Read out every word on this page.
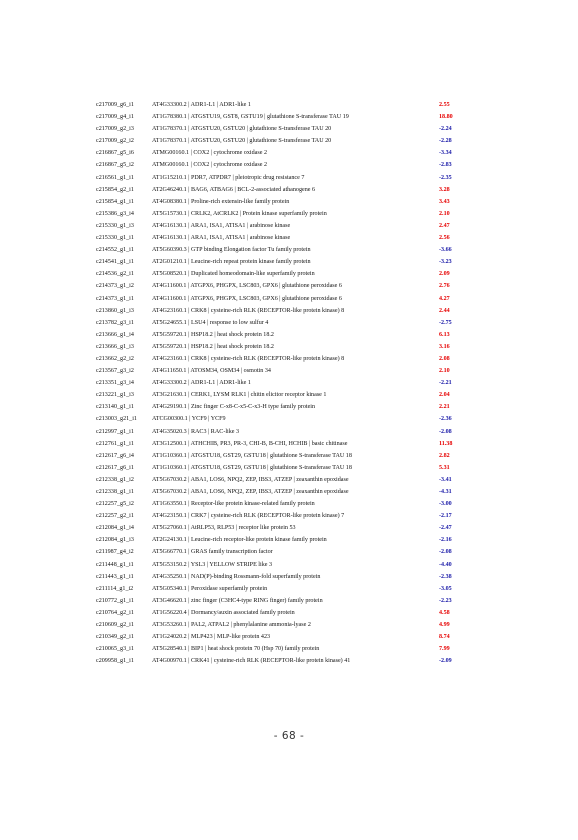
c217009_g6_i1	AT4G33300.2 | ADR1-L1 | ADR1-like 1	2.55
c217009_g4_i1	AT1G78380.1 | ATGSTU19, GST8, GSTU19 | glutathione S-transferase TAU 19	18.80
c217009_g2_i3	AT1G78370.1 | ATGSTU20, GSTU20 | glutathione S-transferase TAU 20	-2.24
c217009_g2_i2	AT1G78370.1 | ATGSTU20, GSTU20 | glutathione S-transferase TAU 20	-2.28
c216867_g5_i6	ATMG00160.1 | COX2 | cytochrome oxidase 2	-3.34
c216867_g5_i2	ATMG00160.1 | COX2 | cytochrome oxidase 2	-2.83
c216561_g1_i1	AT1G15210.1 | PDR7, ATPDR7 | pleiotropic drug resistance 7	-2.35
c215854_g2_i1	AT2G46240.1 | BAG6, ATBAG6 | BCL-2-associated athanogene 6	3.28
c215854_g1_i1	AT4G08380.1 | Proline-rich extensin-like family protein	3.43
c215386_g3_i4	AT5G15730.1 | CRLK2, AtCRLK2 | Protein kinase superfamily protein	2.10
c215330_g1_i3	AT4G16130.1 | ARA1, ISA1, ATISA1 | arabinose kinase	2.47
c215330_g1_i1	AT4G16130.1 | ARA1, ISA1, ATISA1 | arabinose kinase	2.56
c214552_g1_i1	AT5G60390.3 | GTP binding Elongation factor Tu family protein	-3.66
c214541_g1_i1	AT2G01210.1 | Leucine-rich repeat protein kinase family protein	-3.23
c214536_g2_i1	AT5G08520.1 | Duplicated homeodomain-like superfamily protein	2.09
c214373_g1_i2	AT4G11600.1 | ATGPX6, PHGPX, LSC803, GPX6 | glutathione peroxidase 6	2.76
c214373_g1_i1	AT4G11600.1 | ATGPX6, PHGPX, LSC803, GPX6 | glutathione peroxidase 6	4.27
c213860_g1_i3	AT4G23160.1 | CRK8 | cysteine-rich RLK (RECEPTOR-like protein kinase) 8	2.44
c213782_g3_i1	AT5G24655.1 | LSU4 | response to low sulfur 4	-2.75
c213666_g1_i4	AT5G59720.1 | HSP18.2 | heat shock protein 18.2	6.13
c213666_g1_i3	AT5G59720.1 | HSP18.2 | heat shock protein 18.2	3.16
c213662_g2_i2	AT4G23160.1 | CRK8 | cysteine-rich RLK (RECEPTOR-like protein kinase) 8	2.08
c213567_g3_i2	AT4G11650.1 | ATOSM34, OSM34 | osmotin 34	2.10
c213351_g3_i4	AT4G33300.2 | ADR1-L1 | ADR1-like 1	-2.21
c213221_g1_i3	AT3G21630.1 | CERK1, LYSM RLK1 | chitin elicitor receptor kinase 1	2.04
c213140_g1_i1	AT4G29190.1 | Zinc finger C-x8-C-x5-C-x3-H type family protein	2.21
c213003_g21_i1 ATCG00300.1 | YCF9 | YCF9	-2.36
c212997_g1_i1	AT4G35020.3 | RAC3 | RAC-like 3	-2.08
c212761_g1_i1	AT3G12500.1 | ATHCHIB, PR3, PR-3, CHI-B, B-CHI, HCHIB | basic chitinase	11.38
c212617_g6_i4	AT1G10360.1 | ATGSTU18, GST29, GSTU18 | glutathione S-transferase TAU 18	2.82
c212617_g6_i1	AT1G10360.1 | ATGSTU18, GST29, GSTU18 | glutathione S-transferase TAU 18	5.31
c212338_g1_i2	AT5G67030.2 | ABA1, LOS6, NPQ2, ZEP, IBS3, ATZEP | zeaxanthin epoxidase	-3.41
c212338_g1_i1	AT5G67030.2 | ABA1, LOS6, NPQ2, ZEP, IBS3, ATZEP | zeaxanthin epoxidase	-4.31
c212257_g5_i2	AT1G63550.1 | Receptor-like protein kinase-related family protein	-3.00
c212257_g2_i1	AT4G23150.1 | CRK7 | cysteine-rich RLK (RECEPTOR-like protein kinase) 7	-2.17
c212084_g1_i4	AT5G27060.1 | AtRLP53, RLP53 | receptor like protein 53	-2.47
c212084_g1_i3	AT2G24130.1 | Leucine-rich receptor-like protein kinase family protein	-2.16
c211987_g4_i2	AT5G66770.1 | GRAS family transcription factor	-2.08
c211448_g1_i1	AT5G53150.2 | YSL3 | YELLOW STRIPE like 3	-4.40
c211443_g1_i1	AT4G35250.1 | NAD(P)-binding Rossmann-fold superfamily protein	-2.38
c211114_g1_i2	AT5G05340.1 | Peroxidase superfamily protein	-3.05
c210772_g1_i1	AT3G46620.1 | zinc finger (C3HC4-type RING finger) family protein	-2.23
c210764_g2_i1	AT1G56220.4 | Dormancy/auxin associated family protein	4.58
c210609_g2_i1	AT3G53260.1 | PAL2, ATPAL2 | phenylalanine ammonia-lyase 2	4.99
c210349_g2_i1	AT1G24020.2 | MLP423 | MLP-like protein 423	8.74
c210065_g3_i1	AT5G28540.1 | BIP1 | heat shock protein 70 (Hsp 70) family protein	7.99
c209958_g1_i1	AT4G00970.1 | CRK41 | cysteine-rich RLK (RECEPTOR-like protein kinase) 41	-2.09
- 68 -
